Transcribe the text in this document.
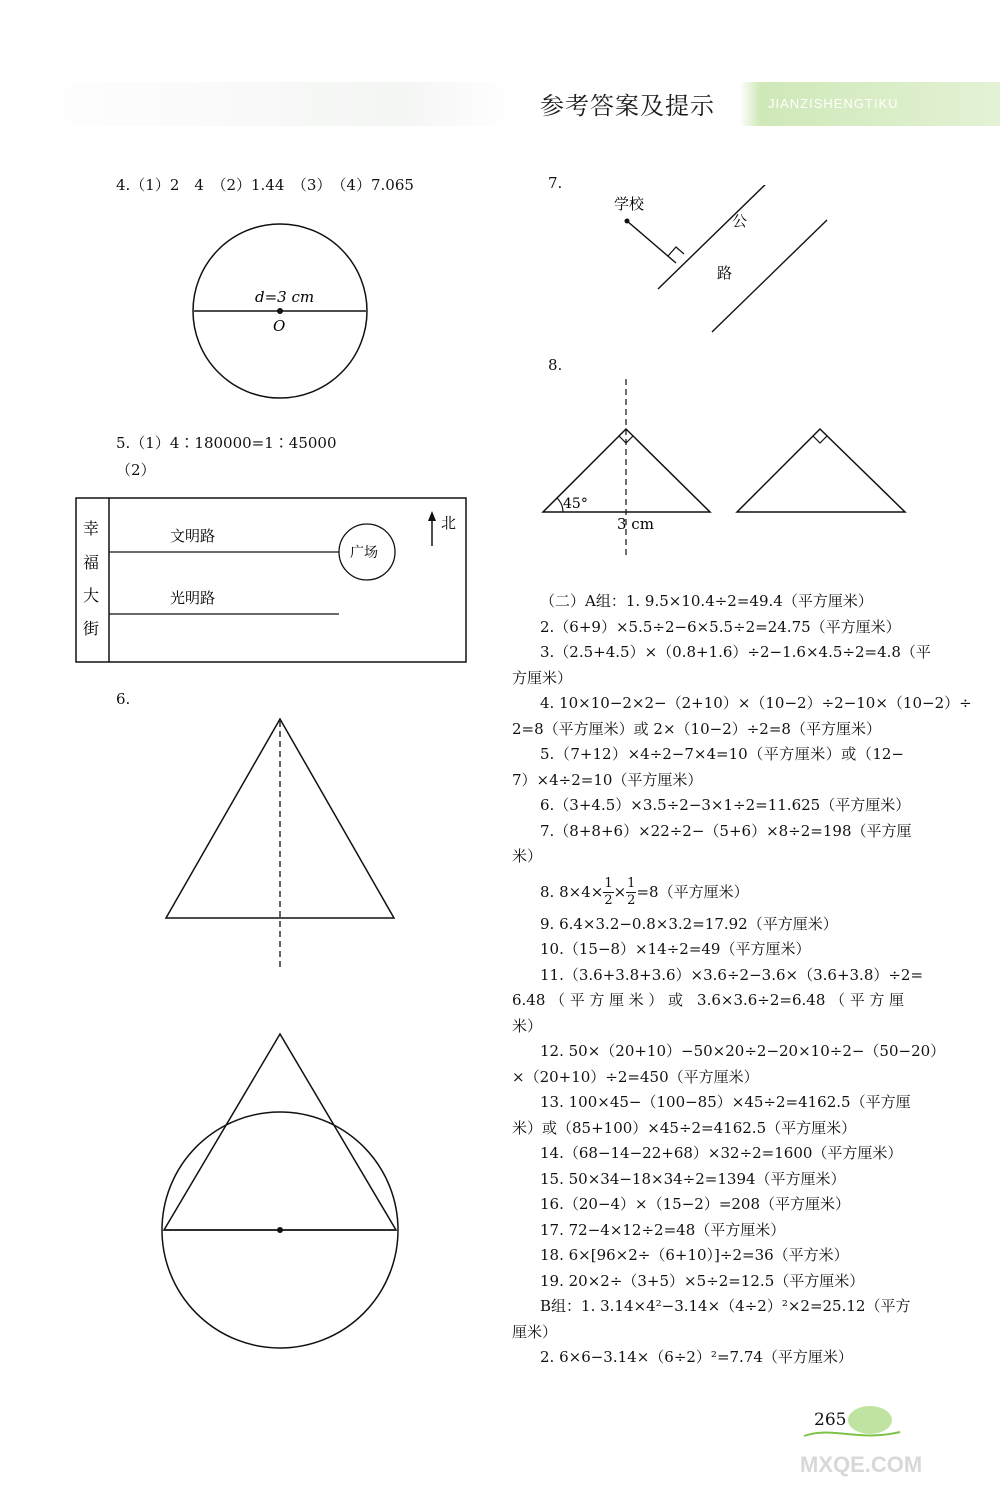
参考答案及提示	JIANZISHENGTIKU
4.（1）2　4　（2）1.44　（3）　（4）7.065
d=3 cm
O
5.（1）4∶180000=1∶45000
（2）
幸
福
大
街
文明路
广场
光明路
北
6.
7.
学校
公
路
8.
45°
3 cm

（二）A组：1. 9.5×10.4÷2=49.4（平方厘米）

2.（6+9）×5.5÷2−6×5.5÷2=24.75（平方厘米）

3.（2.5+4.5）×（0.8+1.6）÷2−1.6×4.5÷2=4.8（平

方厘米）

4. 10×10−2×2−（2+10）×（10−2）÷2−10×（10−2）÷

2=8（平方厘米）或 2×（10−2）÷2=8（平方厘米）

5.（7+12）×4÷2−7×4=10（平方厘米）或（12−

7）×4÷2=10（平方厘米）

6.（3+4.5）×3.5÷2−3×1÷2=11.625（平方厘米）

7.（8+8+6）×22÷2−（5+6）×8÷2=198（平方厘

米）

8. $8\times 4\times \frac{1}{2} \times \frac{1}{2} =8$（平方厘米）

9. 6.4×3.2−0.8×3.2=17.92（平方厘米）

10.（15−8）×14÷2=49（平方厘米）

11.（3.6+3.8+3.6）×3.6÷2−3.6×（3.6+3.8）÷2=

6.48（平方厘米）或 3.6×3.6÷2=6.48（平方厘

米）

12. 50×（20+10）−50×20÷2−20×10÷2−（50−20）

×（20+10）÷2=450（平方厘米）

13. 100×45−（100−85）×45÷2=4162.5（平方厘

米）或（85+100）×45÷2=4162.5（平方厘米）

14.（68−14−22+68）×32÷2=1600（平方厘米）

15. 50×34−18×34÷2=1394（平方厘米）

16.（20−4）×（15−2）=208（平方厘米）

17. 72−4×12÷2=48（平方厘米）

18. 6×[96×2÷（6+10）]÷2=36（平方米）

19. 20×2÷（3+5）×5÷2=12.5（平方厘米）

B组：1. 3.14×4²−3.14×（4÷2）²×2=25.12（平方

厘米）

2. 6×6−3.14×（6÷2）²=7.74（平方厘米）

265
MXQE.COM
